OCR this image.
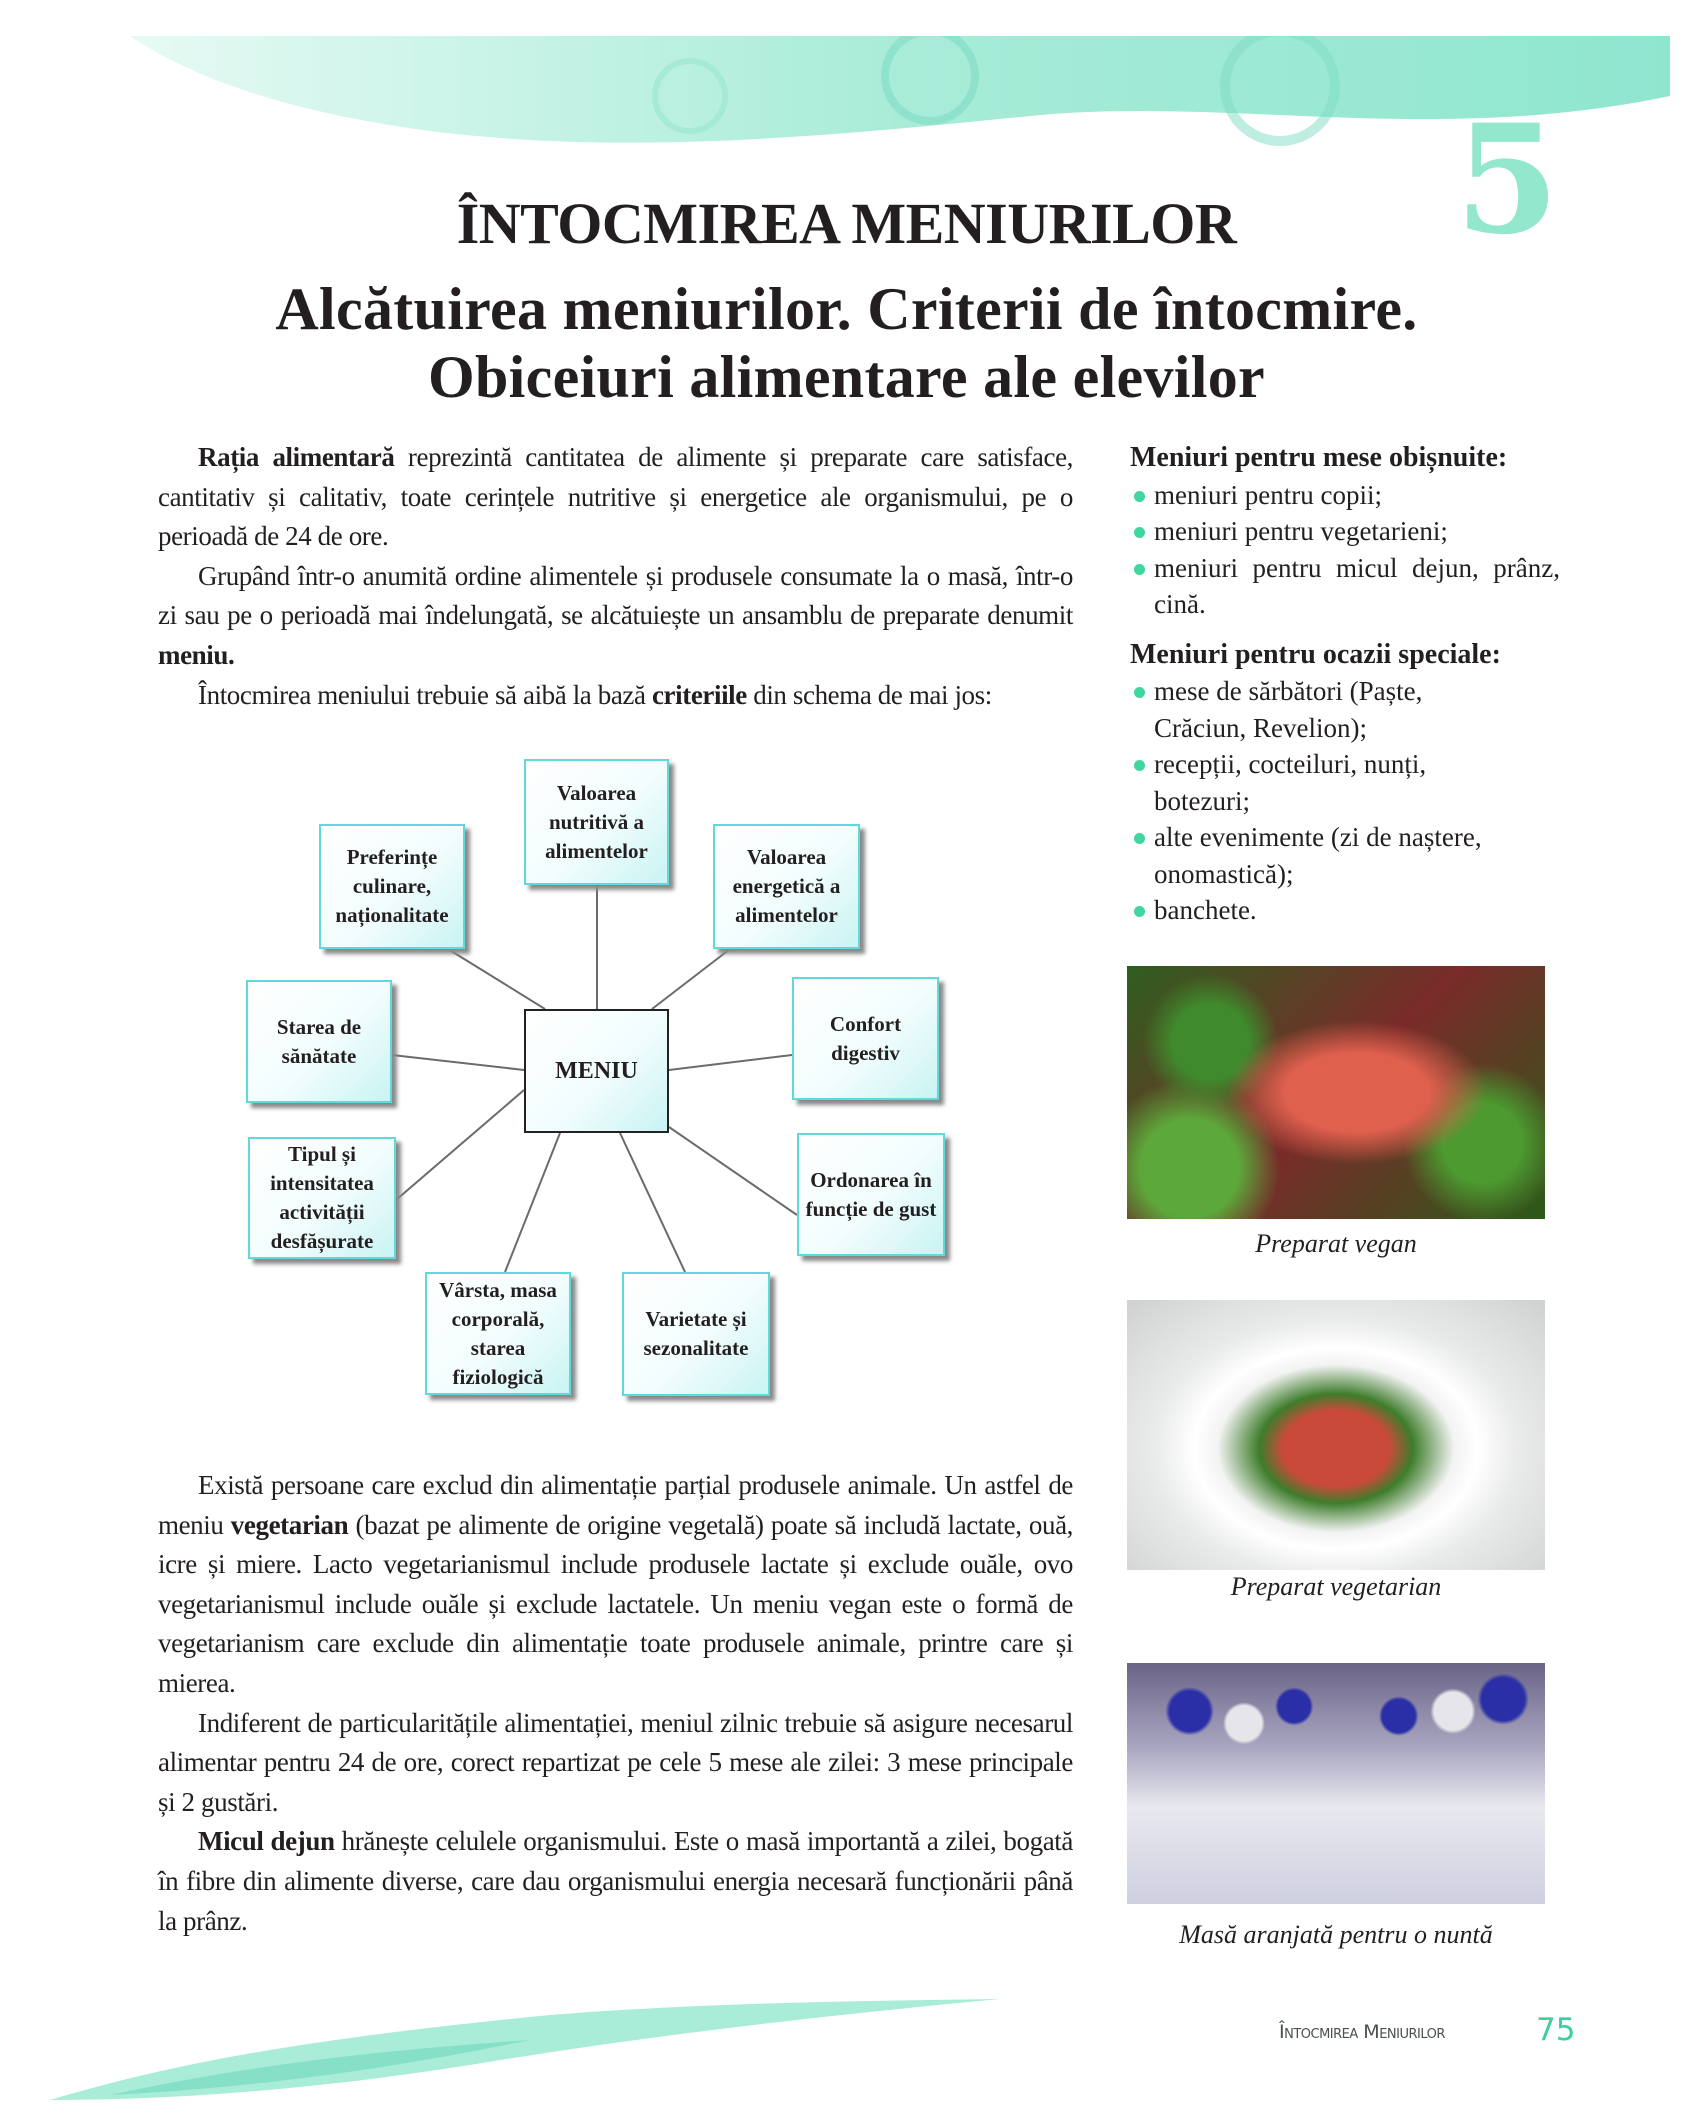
5
ÎNTOCMIREA MENIURILOR
Alcătuirea meniurilor. Criterii de întocmire.
Obiceiuri alimentare ale elevilor

Rația alimentară reprezintă cantitatea de alimente și preparate care satisface, cantitativ și calitativ, toate cerințele nutritive și energetice ale organismului, pe o perioadă de 24 de ore.

Grupând într-o anumită ordine alimentele și produsele consumate la o masă, într-o zi sau pe o perioadă mai îndelungată, se alcătuiește un ansamblu de preparate denumit meniu.

Întocmirea meniului trebuie să aibă la bază criteriile din schema de mai jos:

Valoarea nutritivă a alimentelor
Preferințe culinare, naționalitate
Valoarea energetică a alimentelor
Starea de sănătate
MENIU
Confort digestiv
Tipul și intensitatea activității desfășurate
Ordonarea în funcție de gust
Vârsta, masa corporală, starea fiziologică
Varietate și sezonalitate

Există persoane care exclud din alimentație parțial produsele animale. Un astfel de meniu vegetarian (bazat pe alimente de origine vegetală) poate să includă lactate, ouă, icre și miere. Lacto vegetarianismul include produsele lactate și exclude ouăle, ovo vegetarianismul include ouăle și exclude lactatele. Un meniu vegan este o formă de vegetarianism care exclude din alimentație toate produsele animale, printre care și mierea.

Indiferent de particularitățile alimentației, meniul zilnic trebuie să asigure necesarul alimentar pentru 24 de ore, corect repartizat pe cele 5 mese ale zilei: 3 mese principale și 2 gustări.

Micul dejun hrănește celulele organismului. Este o masă importantă a zilei, bogată în fibre din alimente diverse, care dau organismului energia necesară funcționării până la prânz.

Meniuri pentru mese obișnuite:
meniuri pentru copii;
meniuri pentru vegetarieni;
meniuri pentru micul dejun, prânz, cină.
Meniuri pentru ocazii speciale:
mese de sărbători (Paște, Crăciun, Revelion);
recepții, cocteiluri, nunți, botezuri;
alte evenimente (zi de naștere, onomastică);
banchete.
Preparat vegan
Preparat vegetarian
Masă aranjată pentru o nuntă
Întocmirea Meniurilor	75
